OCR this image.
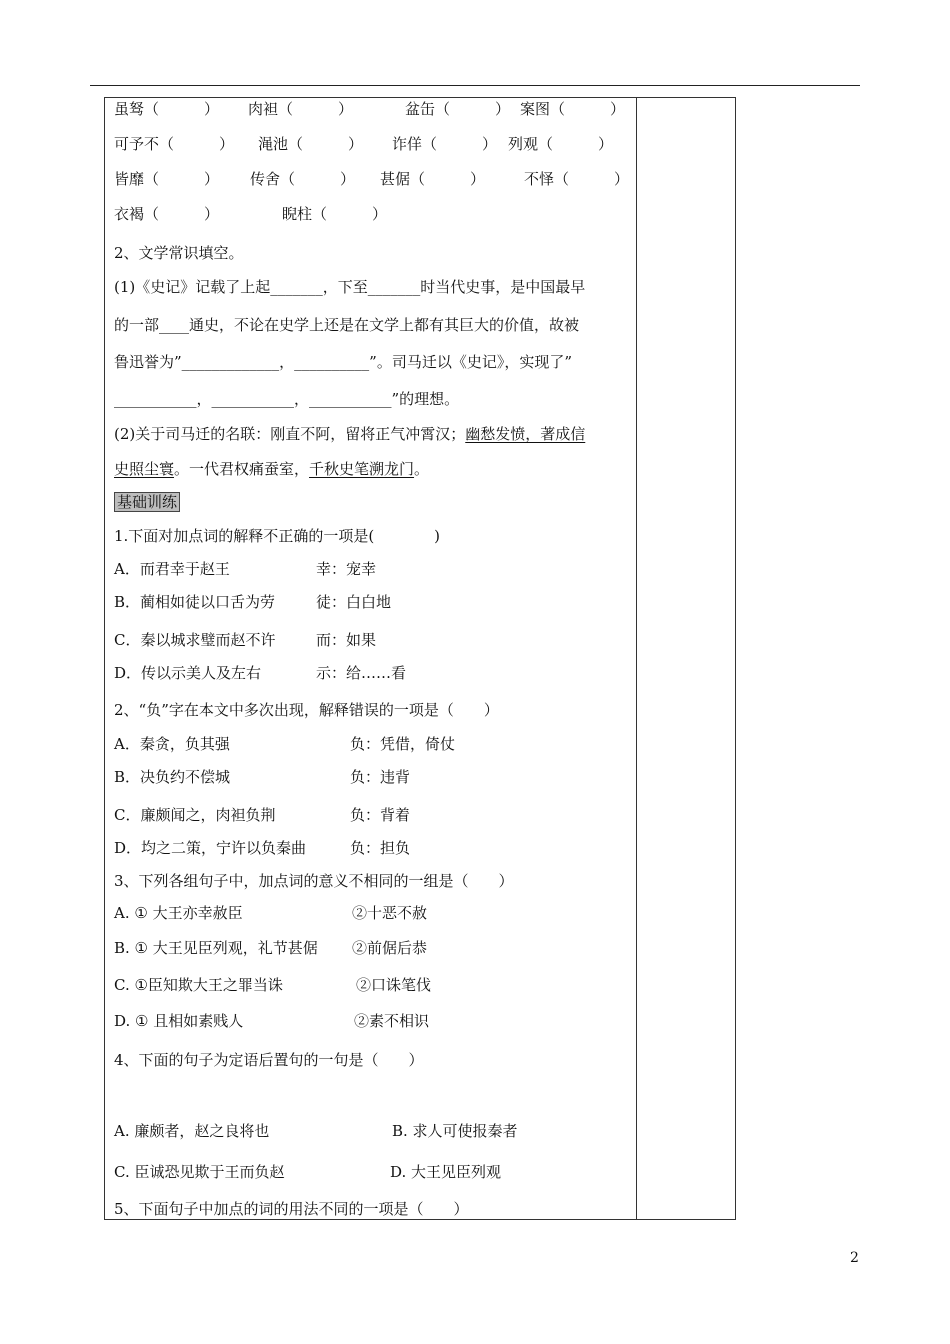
虽驽（　　　） 肉袒（　　　）	盆缶（　　　） 案图（　　　）
可予不（　　　） 渑池（　　　） 诈佯（　　　） 列观（　　　）
皆靡（　　　） 传舍（　　　） 甚倨（　　　）	不怿（　　　）
衣褐（　　　）	睨柱（　　　）
2、文学常识填空。
(1)《史记》记载了上起_______，下至_______时当代史事，是中国最早
的一部____通史，不论在史学上还是在文学上都有其巨大的价值，故被
鲁迅誉为”_____________，__________”。司马迁以《史记》，实现了”
___________，___________，___________”的理想。
(2)关于司马迁的名联：刚直不阿，留将正气冲霄汉；幽愁发愤，著成信
史照尘寰。一代君权痛蚕室，千秋史笔溯龙门。
基础训练
1.下面对加点词的解释不正确的一项是(　　　　)
A．而君幸于赵王	幸：宠幸
B．蔺相如徒以口舌为劳	徒：白白地
C．秦以城求璧而赵不许	而：如果
D．传以示美人及左右	示：给……看
2、“负”字在本文中多次出现，解释错误的一项是（　　）
A．秦贪，负其强	负：凭借，倚仗
B．决负约不偿城	负：违背
C．廉颇闻之，肉袒负荆	负：背着
D．均之二策，宁许以负秦曲	负：担负
3、下列各组句子中，加点词的意义不相同的一组是（　　）
A. ① 大王亦幸赦臣	②十恶不赦
B. ① 大王见臣列观，礼节甚倨 ②前倨后恭
C. ①臣知欺大王之罪当诛	②口诛笔伐
D. ① 且相如素贱人	②素不相识
4、下面的句子为定语后置句的一句是（　　）
A. 廉颇者，赵之良将也	B. 求人可使报秦者
C. 臣诚恐见欺于王而负赵	D. 大王见臣列观
5、下面句子中加点的词的用法不同的一项是（　　）
2
